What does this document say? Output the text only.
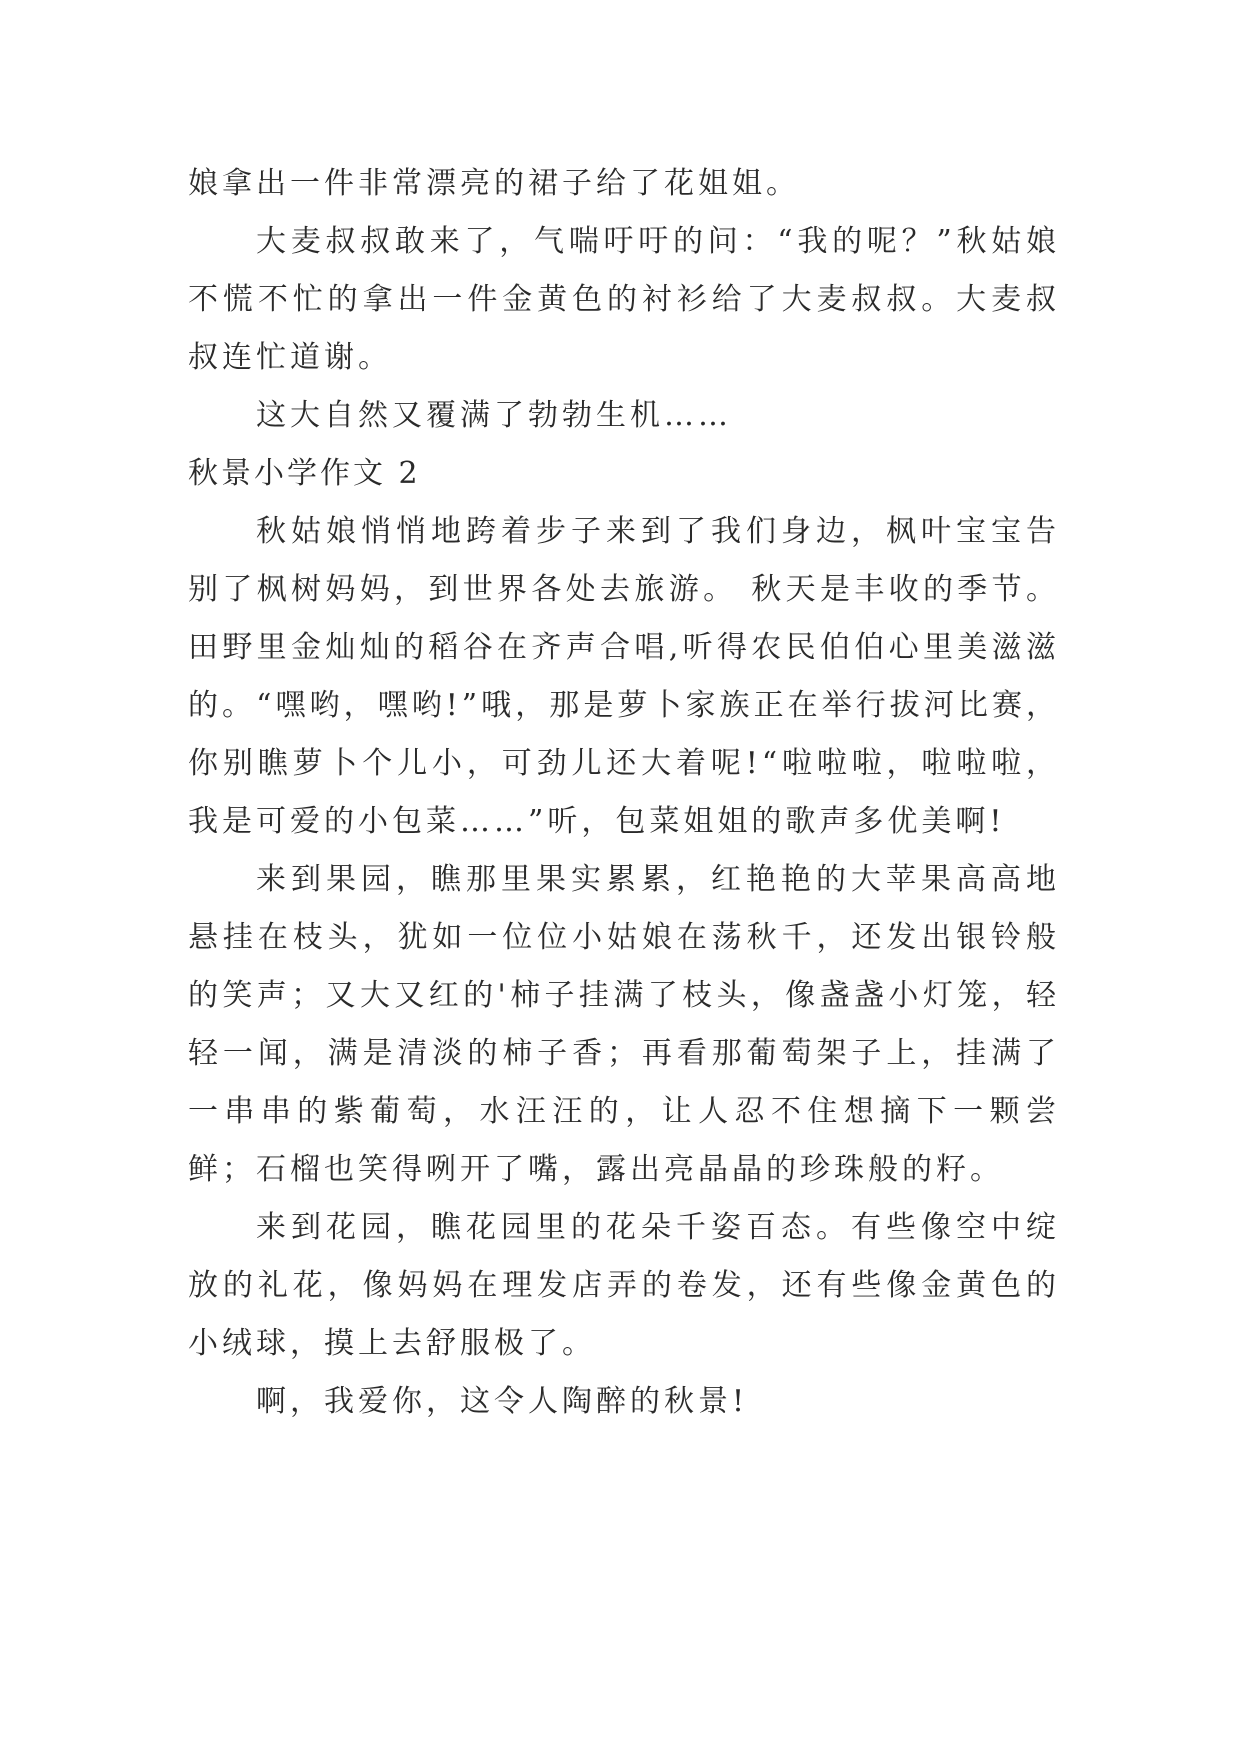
娘拿出一件非常漂亮的裙子给了花姐姐。

大麦叔叔敢来了，气喘吁吁的问：“我的呢？”秋姑娘不慌不忙的拿出一件金黄色的衬衫给了大麦叔叔。大麦叔叔连忙道谢。

这大自然又覆满了勃勃生机……

秋景小学作文 2

秋姑娘悄悄地跨着步子来到了我们身边，枫叶宝宝告别了枫树妈妈，到世界各处去旅游。 秋天是丰收的季节。田野里金灿灿的稻谷在齐声合唱,听得农民伯伯心里美滋滋的。“嘿哟，嘿哟!”哦，那是萝卜家族正在举行拔河比赛，你别瞧萝卜个儿小，可劲儿还大着呢!“啦啦啦，啦啦啦，我是可爱的小包菜……”听，包菜姐姐的歌声多优美啊!

来到果园，瞧那里果实累累，红艳艳的大苹果高高地悬挂在枝头，犹如一位位小姑娘在荡秋千，还发出银铃般的笑声；又大又红的'柿子挂满了枝头，像盏盏小灯笼，轻轻一闻，满是清淡的柿子香；再看那葡萄架子上，挂满了一串串的紫葡萄，水汪汪的，让人忍不住想摘下一颗尝鲜；石榴也笑得咧开了嘴，露出亮晶晶的珍珠般的籽。

来到花园，瞧花园里的花朵千姿百态。有些像空中绽放的礼花，像妈妈在理发店弄的卷发，还有些像金黄色的小绒球，摸上去舒服极了。

啊，我爱你，这令人陶醉的秋景!
